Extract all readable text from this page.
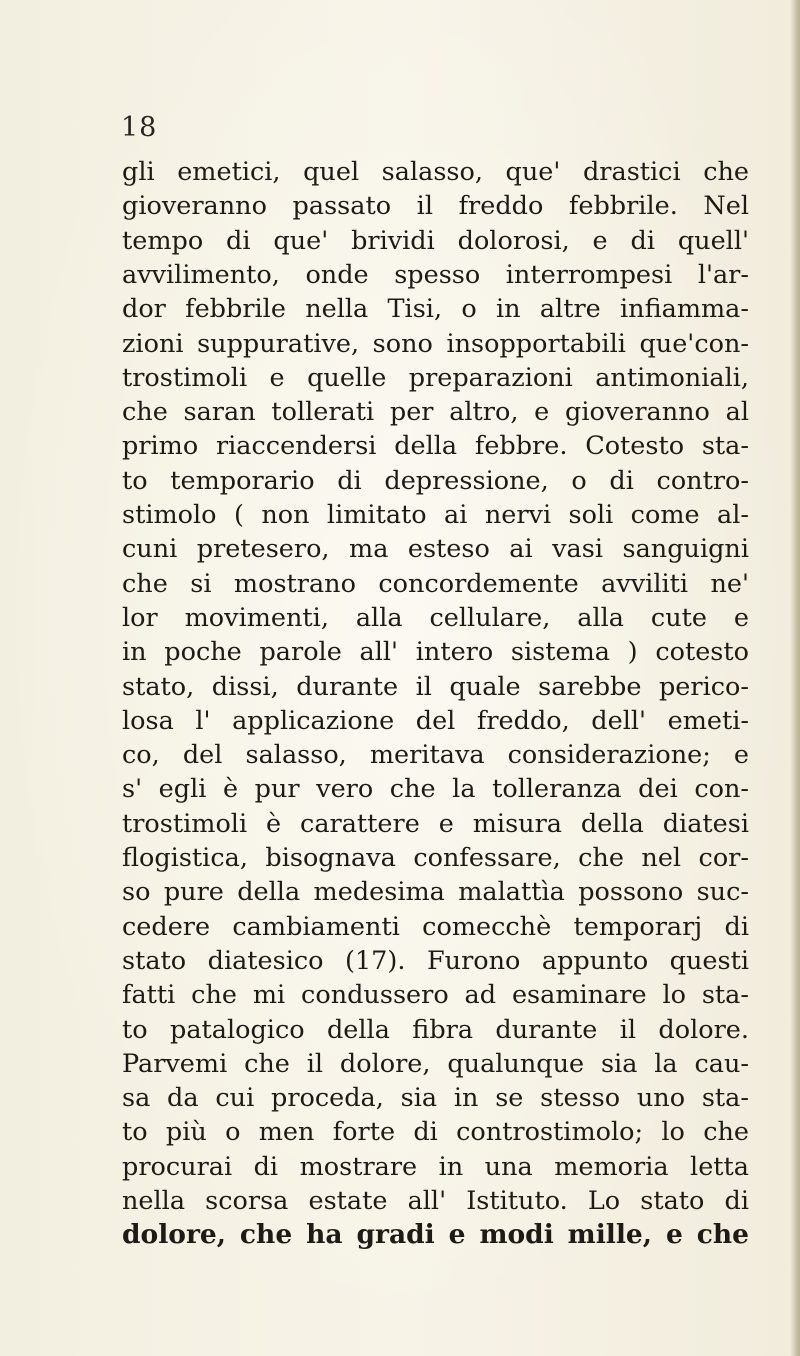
18
gli emetici, quel salasso, que' drastici che
gioveranno passato il freddo febbrile. Nel
tempo di que' brividi dolorosi, e di quell'
avvilimento, onde spesso interrompesi l'ar-
dor febbrile nella Tisi, o in altre infiamma-
zioni suppurative, sono insopportabili que'con-
trostimoli e quelle preparazioni antimoniali,
che saran tollerati per altro, e gioveranno al
primo riaccendersi della febbre. Cotesto sta-
to temporario di depressione, o di contro-
stimolo ( non limitato ai nervi soli come al-
cuni pretesero, ma esteso ai vasi sanguigni
che si mostrano concordemente avviliti ne'
lor movimenti, alla cellulare, alla cute e
in poche parole all' intero sistema ) cotesto
stato, dissi, durante il quale sarebbe perico-
losa l' applicazione del freddo, dell' emeti-
co, del salasso, meritava considerazione; e
s' egli è pur vero che la tolleranza dei con-
trostimoli è carattere e misura della diatesi
flogistica, bisognava confessare, che nel cor-
so pure della medesima malattìa possono suc-
cedere cambiamenti comecchè temporarj di
stato diatesico (17). Furono appunto questi
fatti che mi condussero ad esaminare lo sta-
to patalogico della fibra durante il dolore.
Parvemi che il dolore, qualunque sia la cau-
sa da cui proceda, sia in se stesso uno sta-
to più o men forte di controstimolo; lo che
procurai di mostrare in una memoria letta
nella scorsa estate all' Istituto. Lo stato di
dolore, che ha gradi e modi mille, e che
